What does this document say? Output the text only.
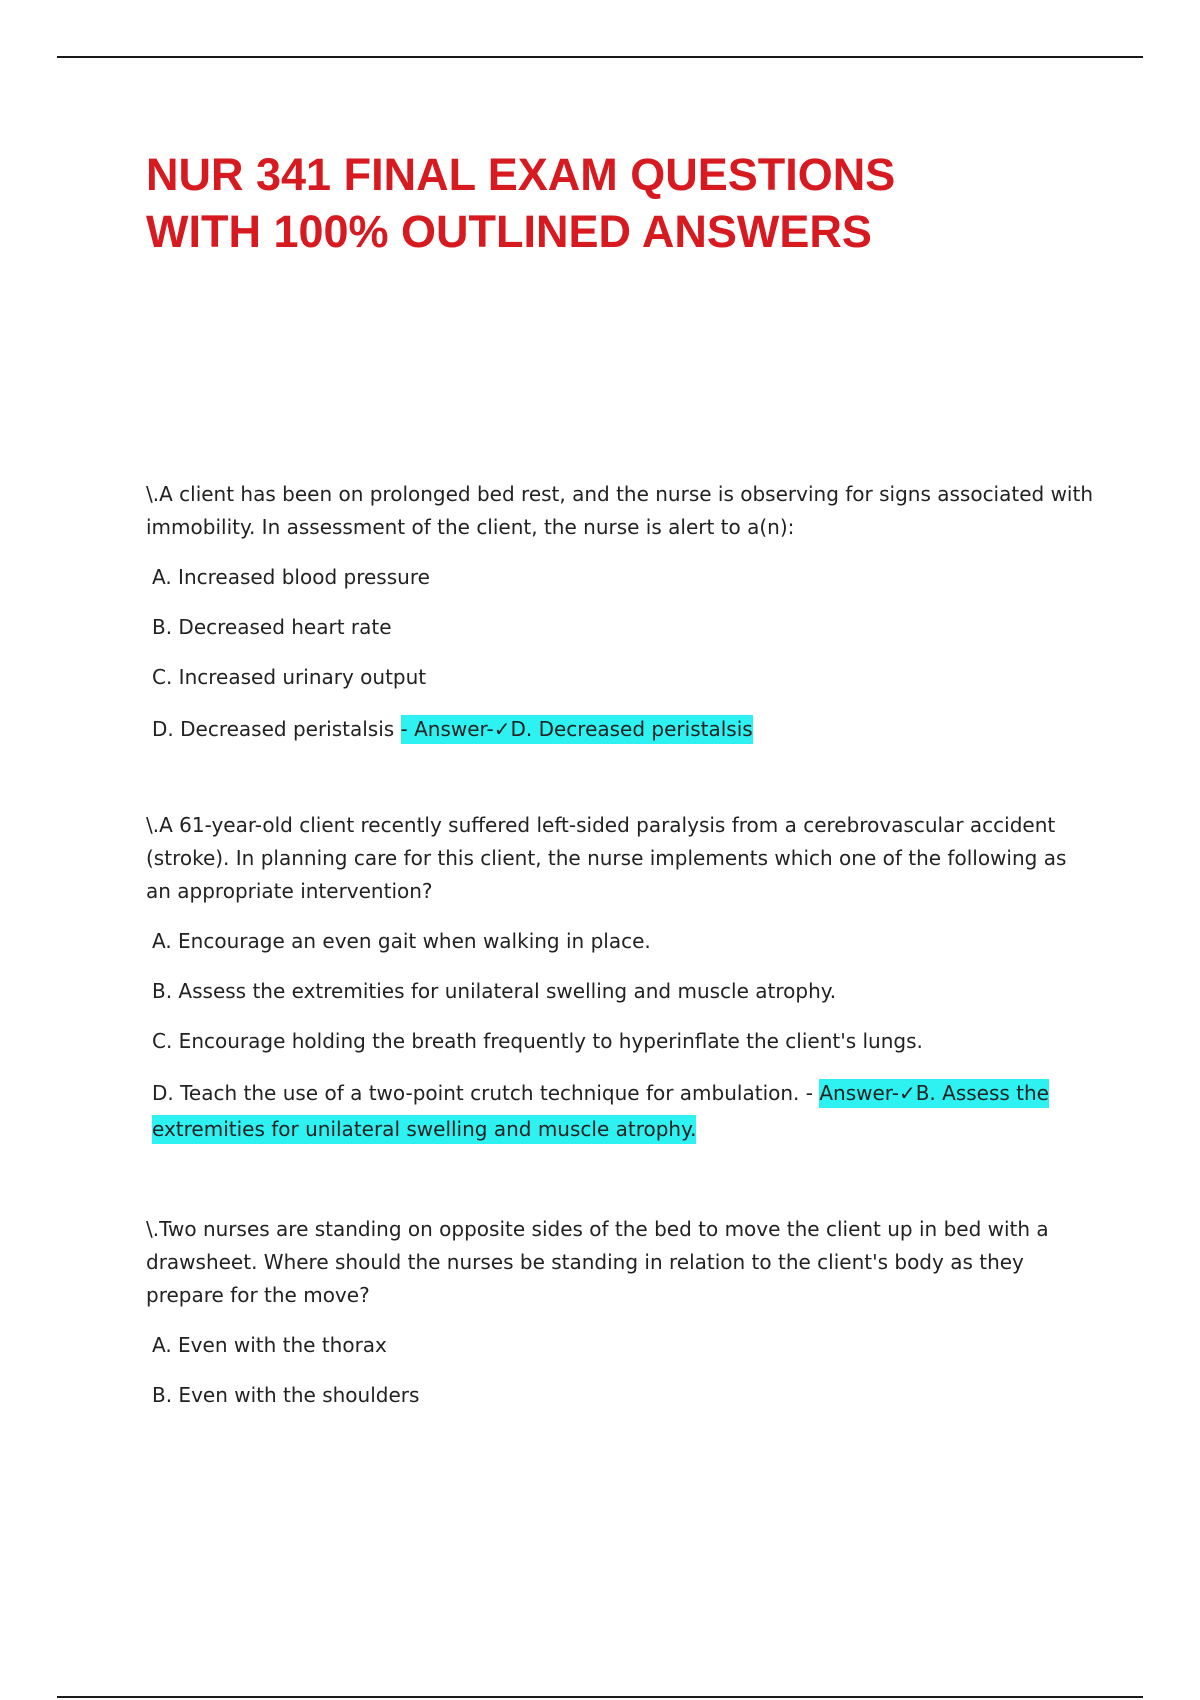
NUR 341 FINAL EXAM QUESTIONS
WITH 100% OUTLINED ANSWERS

\.A client has been on prolonged bed rest, and the nurse is observing for signs associated with immobility. In assessment of the client, the nurse is alert to a(n):

A. Increased blood pressure

B. Decreased heart rate

C. Increased urinary output

D. Decreased peristalsis - Answer-✓D. Decreased peristalsis

\.A 61-year-old client recently suffered left-sided paralysis from a cerebrovascular accident (stroke). In planning care for this client, the nurse implements which one of the following as an appropriate intervention?

A. Encourage an even gait when walking in place.

B. Assess the extremities for unilateral swelling and muscle atrophy.

C. Encourage holding the breath frequently to hyperinflate the client's lungs.

D. Teach the use of a two-point crutch technique for ambulation. - Answer-✓B. Assess the extremities for unilateral swelling and muscle atrophy.

\.Two nurses are standing on opposite sides of the bed to move the client up in bed with a drawsheet. Where should the nurses be standing in relation to the client's body as they prepare for the move?

A. Even with the thorax

B. Even with the shoulders
